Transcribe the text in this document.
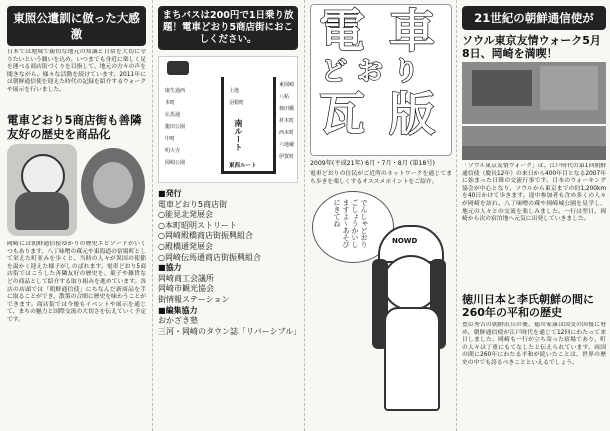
東照公遺訓に倣った大感激
日本では地域で親切な地元の知識と日常を大切に守りたいという願いを込め、いつまでも身近に楽しく足を運べる商店街づくりを目指して、地元の方々の声を聞きながら、様々な活動を続けています。2011年には朝鮮通信使を迎えた時代の記録を紹介するウォークや展示を行いました。
電車どおり5商店街も善隣友好の歴史を商品化
岡崎には朝鮮通信使ゆかりの歴史エピソードがいくつもあります。八丁味噌の蔵元や東海道の宿場町として栄えた町並みを歩くと、当時の人々が異国の使節を温かく迎えた様子がしのばれます。電車どおり5商店街ではこうした善隣友好の歴史を、菓子や雑貨などの商品として紹介する取り組みを進めています。各店の店頭では「朝鮮通信使」にちなんだ新商品を手に取ることができ、散策の合間に歴史を味わうことができます。商店街では今後もイベントや展示を通じて、まちの魅力と国際交流の大切さを伝えていく予定です。
まちバスは200円で1日乗り放題！電車どおり5商店街におこしください。
康生通西
本町
伝馬通
籠田公園
中町
明大寺
岡崎公園
東岡崎
八帖
柿田橋
材木町
西本町
六地蔵
伊賀町
上地
羽根町
南ルート
東西ルート
■発行
電車どおり5商店街
○能見北発展会
○本町昭明ストリート
○岡崎殿橋商店街振興組合
○殿橋通発展会
○岡崎伝馬通商店街振興組合
■協力
岡崎商工会議所
岡崎市観光協会
街情報ステーション
■編集協力
おかざき塾
三河・岡崎のタウン誌「リバーシブル」
電 車
ど お り
瓦 版
2009年(平成21年) 6月・7月・8月 (第18号)
電車どおりの住民がご近所のネットワークを通じてまち歩きを楽しくするオススメポイントをご紹介。
でんしゃどおり ごしょうかいしますよ～あそびにきてね
NOWD
21世紀の朝鮮通信使が
ソウル東京友情ウォーク5月8日、岡崎を満喫！
「ソウル東京友情ウォーク」は、江戸時代の第1回朝鮮通信使（慶長12年）の来日から400年目となる2007年に始まった日韓の交流行事です。日本のウォーキング協会が中心となり、ソウルから東京までの約1,200kmを40日かけて歩きます。途中参加者も含め多くの人々が岡崎を訪れ、八丁味噌の蔵や岡崎城公園を見学し、地元の人々との交流を楽しみました。一行は翌日、岡崎から次の宿泊地へ元気に出発していきました。
徳川日本と李氏朝鮮の間に260年の平和の歴史
豊臣秀吉の朝鮮出兵の後、徳川家康は国交の回復に努め、朝鮮通信使が江戸時代を通じて12回にわたって来日しました。岡崎も一行が立ち寄った宿場であり、町の人々は丁重にもてなしたと伝えられています。両国の間に260年にわたる平和が続いたことは、世界の歴史の中でも誇るべきことといえるでしょう。
